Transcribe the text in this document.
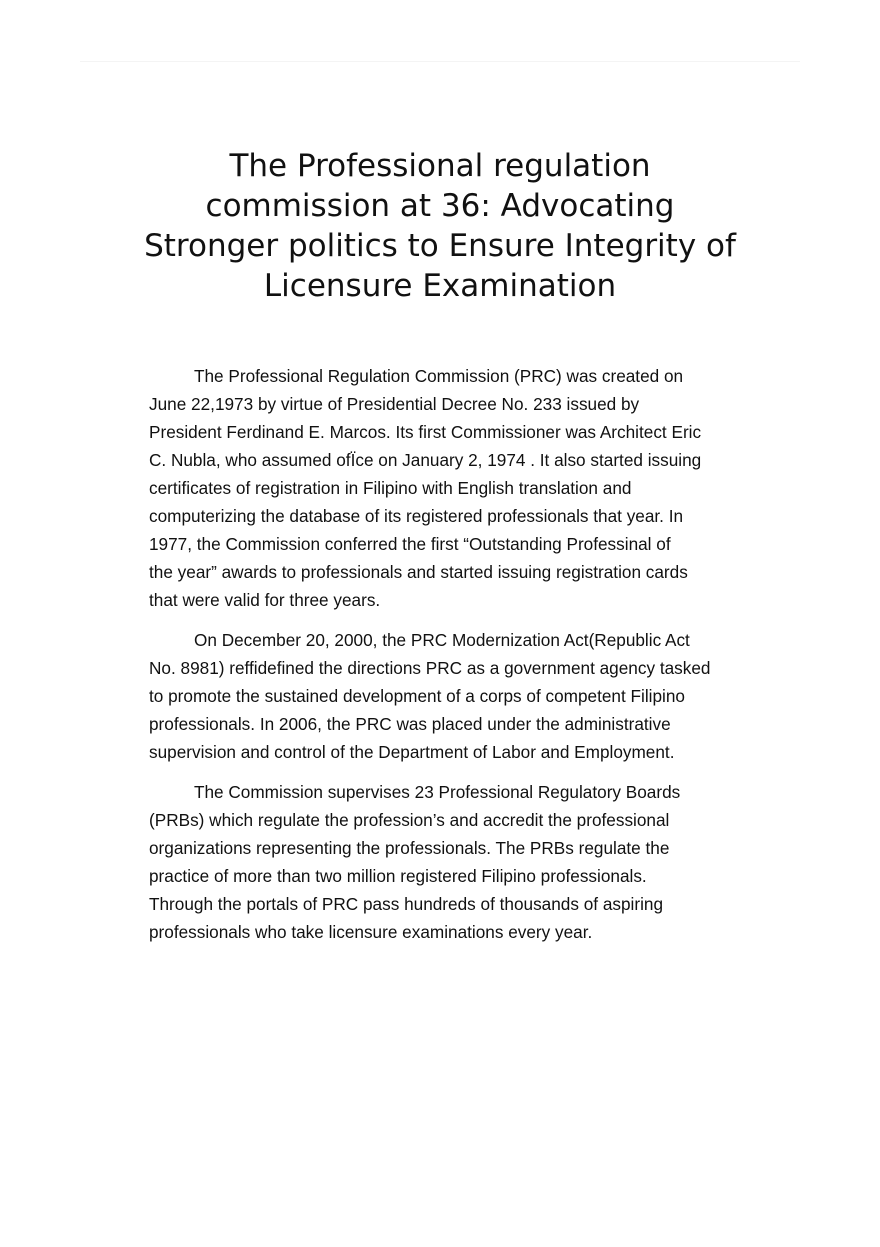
The Professional regulation
commission at 36: Advocating
Stronger politics to Ensure Integrity of
Licensure Examination

The Professional Regulation Commission (PRC) was created on
June 22,1973 by virtue of Presidential Decree No. 233 issued by
President Ferdinand E. Marcos. Its first Commissioner was Architect Eric
C. Nubla, who assumed ofÏce on January 2, 1974 . It also started issuing
certificates of registration in Filipino with English translation and
computerizing the database of its registered professionals that year. In
1977, the Commission conferred the first “Outstanding Professinal of
the year” awards to professionals and started issuing registration cards
that were valid for three years.

On December 20, 2000, the PRC Modernization Act(Republic Act
No. 8981) reffidefined the directions PRC as a government agency tasked
to promote the sustained development of a corps of competent Filipino
professionals. In 2006, the PRC was placed under the administrative
supervision and control of the Department of Labor and Employment.

The Commission supervises 23 Professional Regulatory Boards
(PRBs) which regulate the profession’s and accredit the professional
organizations representing the professionals. The PRBs regulate the
practice of more than two million registered Filipino professionals.
Through the portals of PRC pass hundreds of thousands of aspiring
professionals who take licensure examinations every year.
